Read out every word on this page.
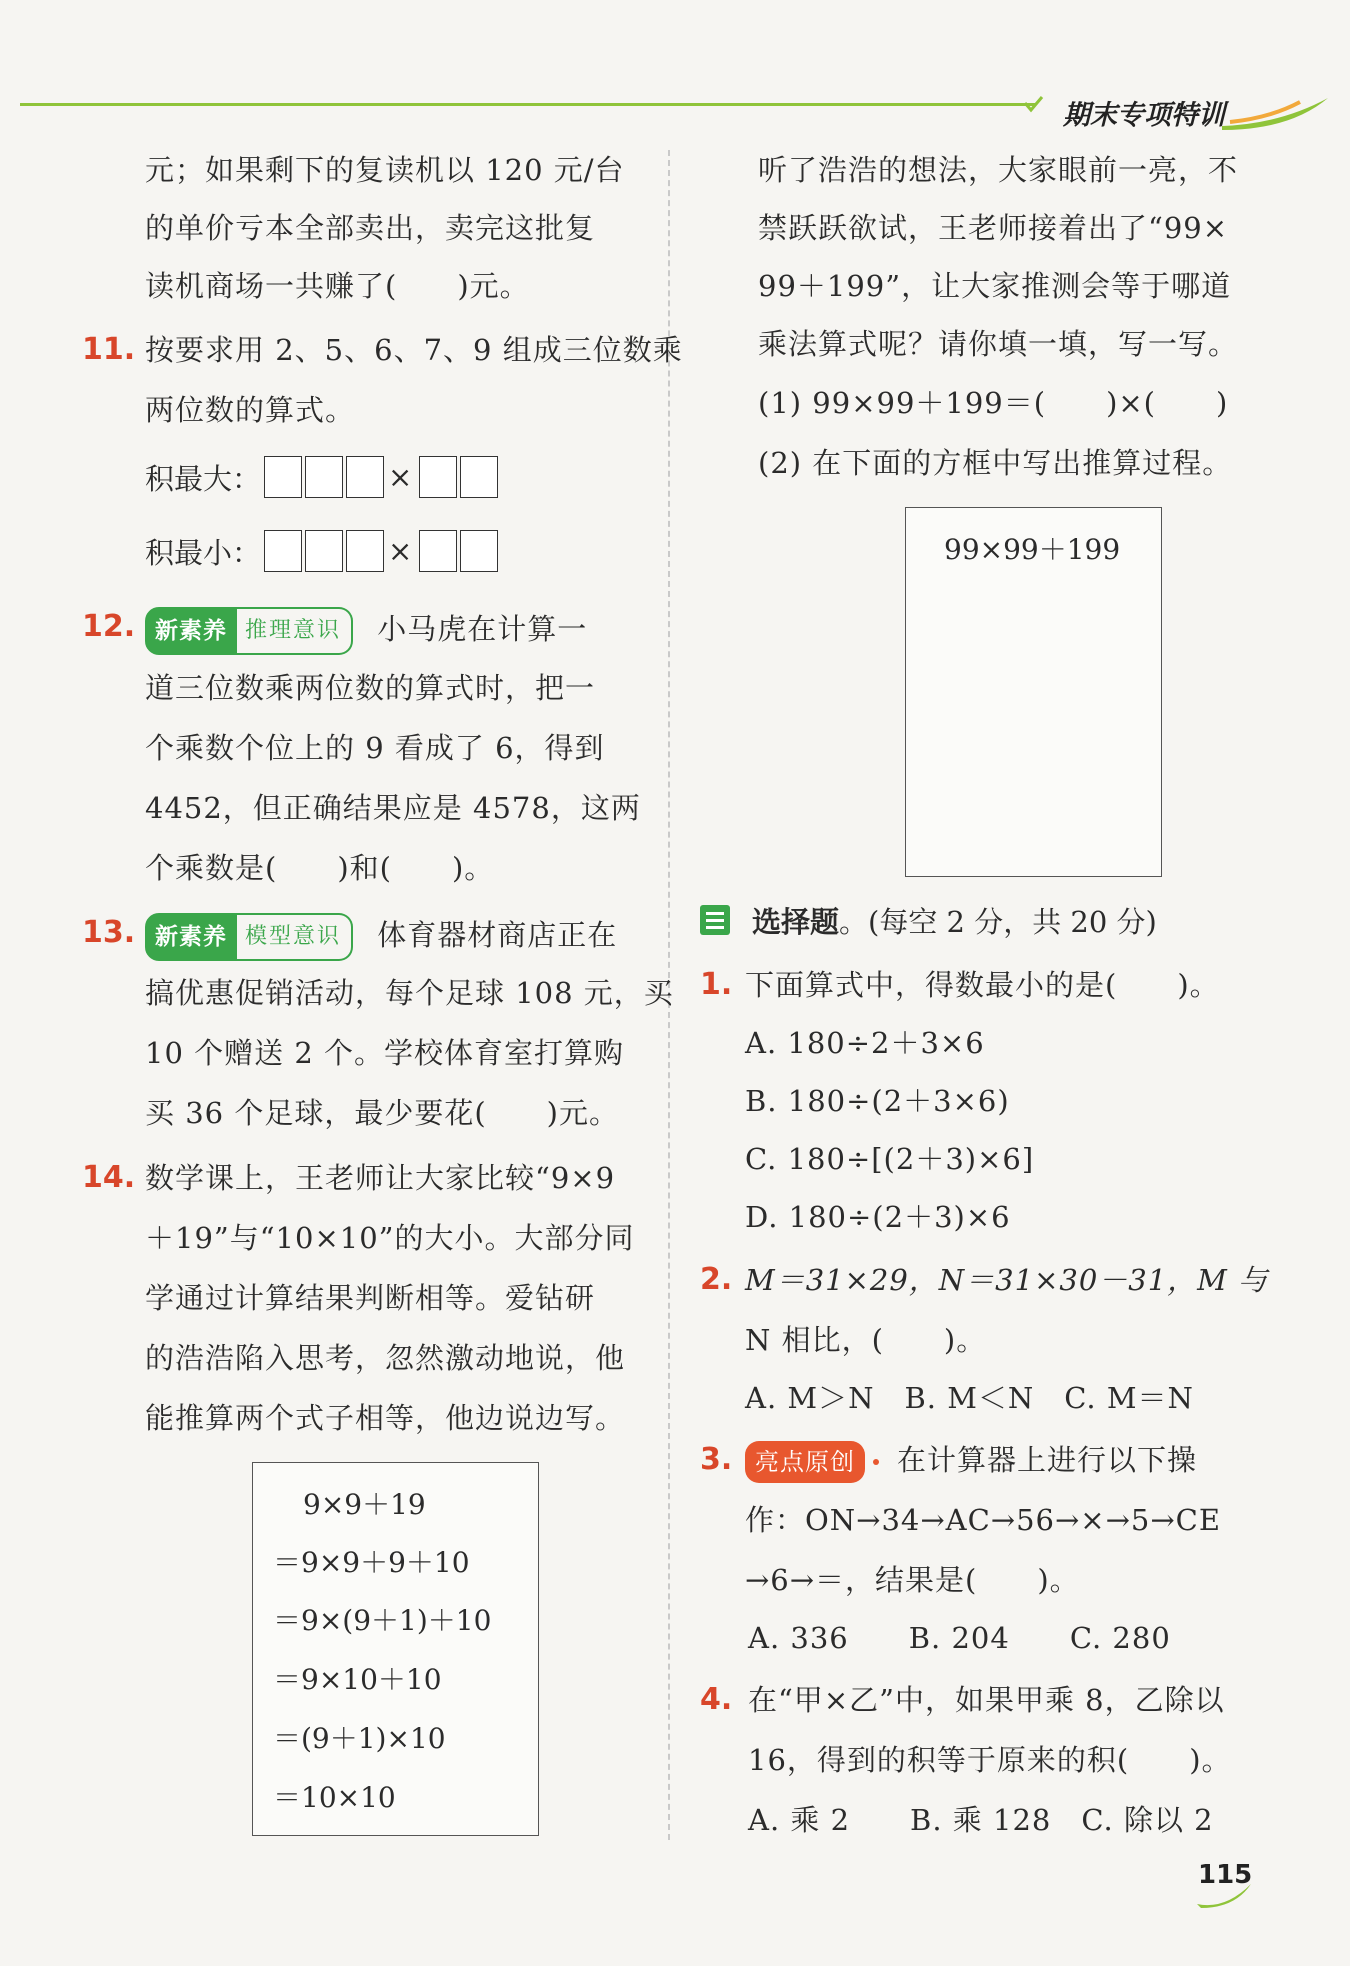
期末专项特训
元；如果剩下的复读机以 120 元/台
的单价亏本全部卖出，卖完这批复
读机商场一共赚了(　　)元。
11. 按要求用 2、5、6、7、9 组成三位数乘
两位数的算式。
积最大：	×
积最小：	×
12. 新素养 推理意识	小马虎在计算一
道三位数乘两位数的算式时，把一
个乘数个位上的 9 看成了 6，得到
4452，但正确结果应是 4578，这两
个乘数是(　　)和(　　)。
13. 新素养 模型意识	体育器材商店正在
搞优惠促销活动，每个足球 108 元，买
10 个赠送 2 个。学校体育室打算购
买 36 个足球，最少要花(　　)元。
14. 数学课上，王老师让大家比较“9×9
＋19”与“10×10”的大小。大部分同
学通过计算结果判断相等。爱钻研
的浩浩陷入思考，忽然激动地说，他
能推算两个式子相等，他边说边写。
9×9＋19
＝9×9＋9＋10
＝9×(9＋1)＋10
＝9×10＋10
＝(9＋1)×10
＝10×10
听了浩浩的想法，大家眼前一亮，不
禁跃跃欲试，王老师接着出了“99×
99＋199”，让大家推测会等于哪道
乘法算式呢？请你填一填，写一写。
(1) 99×99＋199＝(　　)×(　　)
(2) 在下面的方框中写出推算过程。
99×99＋199
选择题。(每空 2 分，共 20 分)
1. 下面算式中，得数最小的是(　　)。
A. 180÷2＋3×6
B. 180÷(2＋3×6)
C. 180÷[(2＋3)×6]
D. 180÷(2＋3)×6
2. M＝31×29，N＝31×30－31，M 与
N 相比，(　　)。
A. M＞N　B. M＜N　C. M＝N
3. 亮点原创 在计算器上进行以下操
作：ON→34→AC→56→×→5→CE
→6→＝，结果是(　　)。
A. 336　　B. 204　　C. 280
4. 在“甲×乙”中，如果甲乘 8，乙除以
16，得到的积等于原来的积(　　)。
A. 乘 2　　B. 乘 128　C. 除以 2
115
